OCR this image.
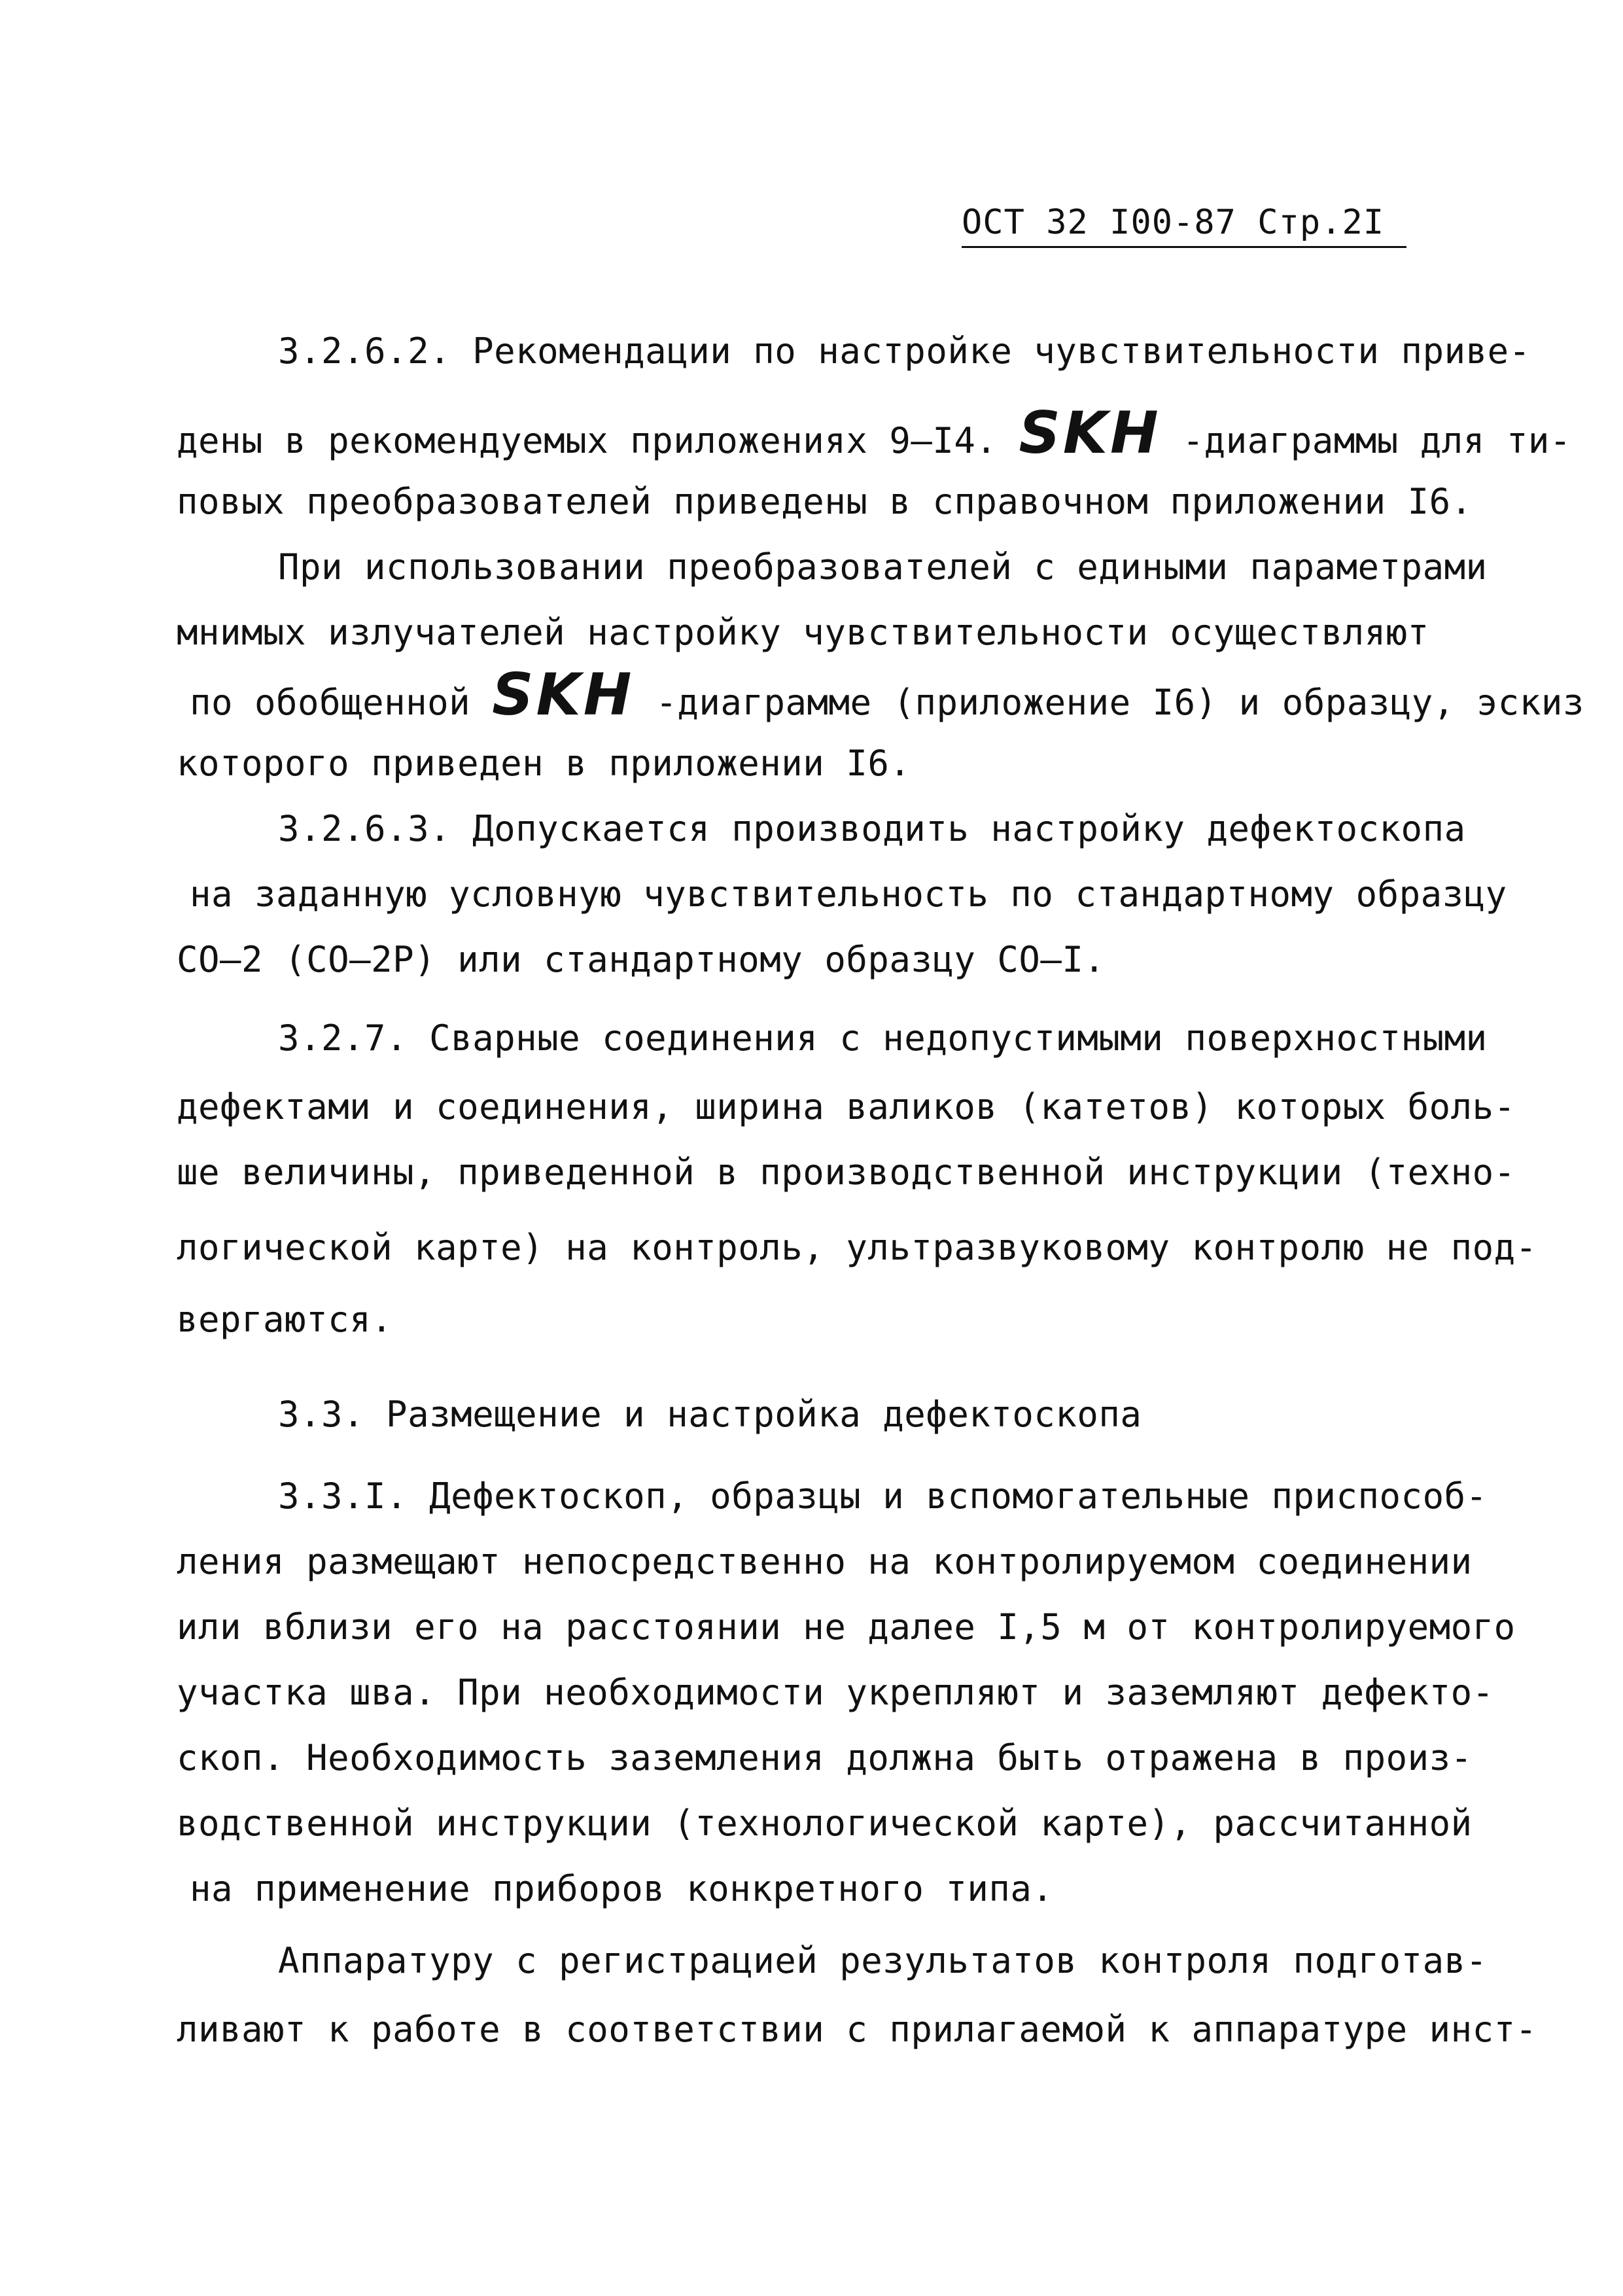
ОСТ 32 I00-87 Стр.2I
3.2.6.2. Рекомендации по настройке чувствительности приве-
дены в рекомендуемых приложениях 9–I4. SKH -диаграммы для ти-
повых преобразователей приведены в справочном приложении I6.
При использовании преобразователей с едиными параметрами
мнимых излучателей настройку чувствительности осуществляют
по обобщенной SKH -диаграмме (приложение I6) и образцу, эскиз
которого приведен в приложении I6.
3.2.6.3. Допускается производить настройку дефектоскопа
на заданную условную чувствительность по стандартному образцу
СО–2 (СО–2Р) или стандартному образцу СО–I.
3.2.7. Сварные соединения с недопустимыми поверхностными
дефектами и соединения, ширина валиков (катетов) которых боль-
ше величины, приведенной в производственной инструкции (техно-
логической карте) на контроль, ультразвуковому контролю не под-
вергаются.
3.3. Размещение и настройка дефектоскопа
3.3.I. Дефектоскоп, образцы и вспомогательные приспособ-
ления размещают непосредственно на контролируемом соединении
или вблизи его на расстоянии не далее I,5 м от контролируемого
участка шва. При необходимости укрепляют и заземляют дефекто-
скоп. Необходимость заземления должна быть отражена в произ-
водственной инструкции (технологической карте), рассчитанной
на применение приборов конкретного типа.
Аппаратуру с регистрацией результатов контроля подготав-
ливают к работе в соответствии с прилагаемой к аппаратуре инст-
